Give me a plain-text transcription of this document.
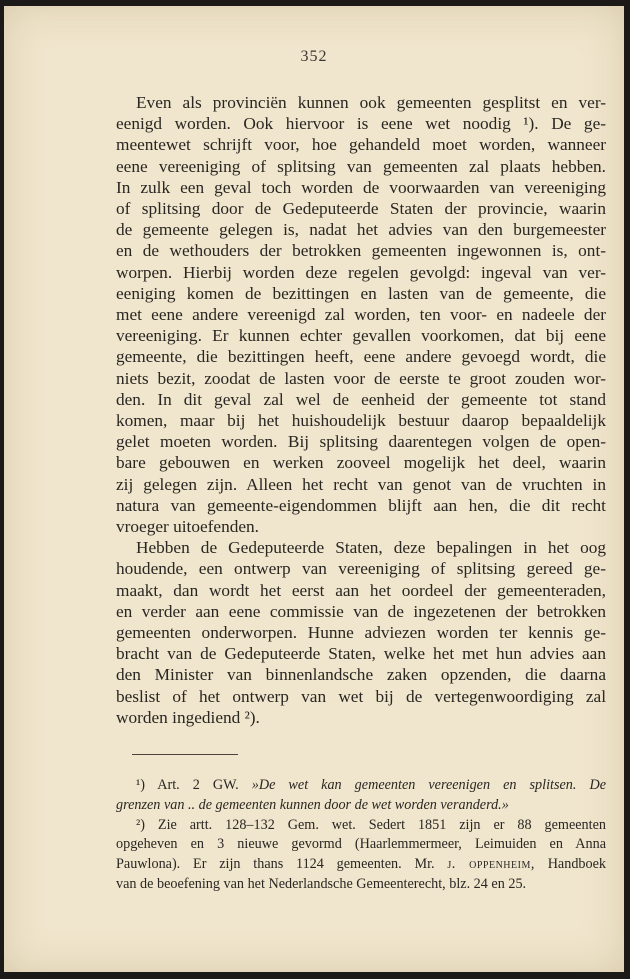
352
Even als provinciën kunnen ook gemeenten gesplitst en ver-
eenigd worden. Ook hiervoor is eene wet noodig ¹). De ge-
meentewet schrijft voor, hoe gehandeld moet worden, wanneer
eene vereeniging of splitsing van gemeenten zal plaats hebben.
In zulk een geval toch worden de voorwaarden van vereeniging
of splitsing door de Gedeputeerde Staten der provincie, waarin
de gemeente gelegen is, nadat het advies van den burgemeester
en de wethouders der betrokken gemeenten ingewonnen is, ont-
worpen. Hierbij worden deze regelen gevolgd: ingeval van ver-
eeniging komen de bezittingen en lasten van de gemeente, die
met eene andere vereenigd zal worden, ten voor- en nadeele der
vereeniging. Er kunnen echter gevallen voorkomen, dat bij eene
gemeente, die bezittingen heeft, eene andere gevoegd wordt, die
niets bezit, zoodat de lasten voor de eerste te groot zouden wor-
den. In dit geval zal wel de eenheid der gemeente tot stand
komen, maar bij het huishoudelijk bestuur daarop bepaaldelijk
gelet moeten worden. Bij splitsing daarentegen volgen de open-
bare gebouwen en werken zooveel mogelijk het deel, waarin
zij gelegen zijn. Alleen het recht van genot van de vruchten in
natura van gemeente-eigendommen blijft aan hen, die dit recht
vroeger uitoefenden.
Hebben de Gedeputeerde Staten, deze bepalingen in het oog
houdende, een ontwerp van vereeniging of splitsing gereed ge-
maakt, dan wordt het eerst aan het oordeel der gemeenteraden,
en verder aan eene commissie van de ingezetenen der betrokken
gemeenten onderworpen. Hunne adviezen worden ter kennis ge-
bracht van de Gedeputeerde Staten, welke het met hun advies aan
den Minister van binnenlandsche zaken opzenden, die daarna
beslist of het ontwerp van wet bij de vertegenwoordiging zal
worden ingediend ²).
¹) Art. 2 GW. »De wet kan gemeenten vereenigen en splitsen. De
grenzen van .. de gemeenten kunnen door de wet worden veranderd.»
²) Zie artt. 128–132 Gem. wet. Sedert 1851 zijn er 88 gemeenten
opgeheven en 3 nieuwe gevormd (Haarlemmermeer, Leimuiden en Anna
Pauwlona). Er zijn thans 1124 gemeenten. Mr. j. oppenheim, Handboek
van de beoefening van het Nederlandsche Gemeenterecht, blz. 24 en 25.
